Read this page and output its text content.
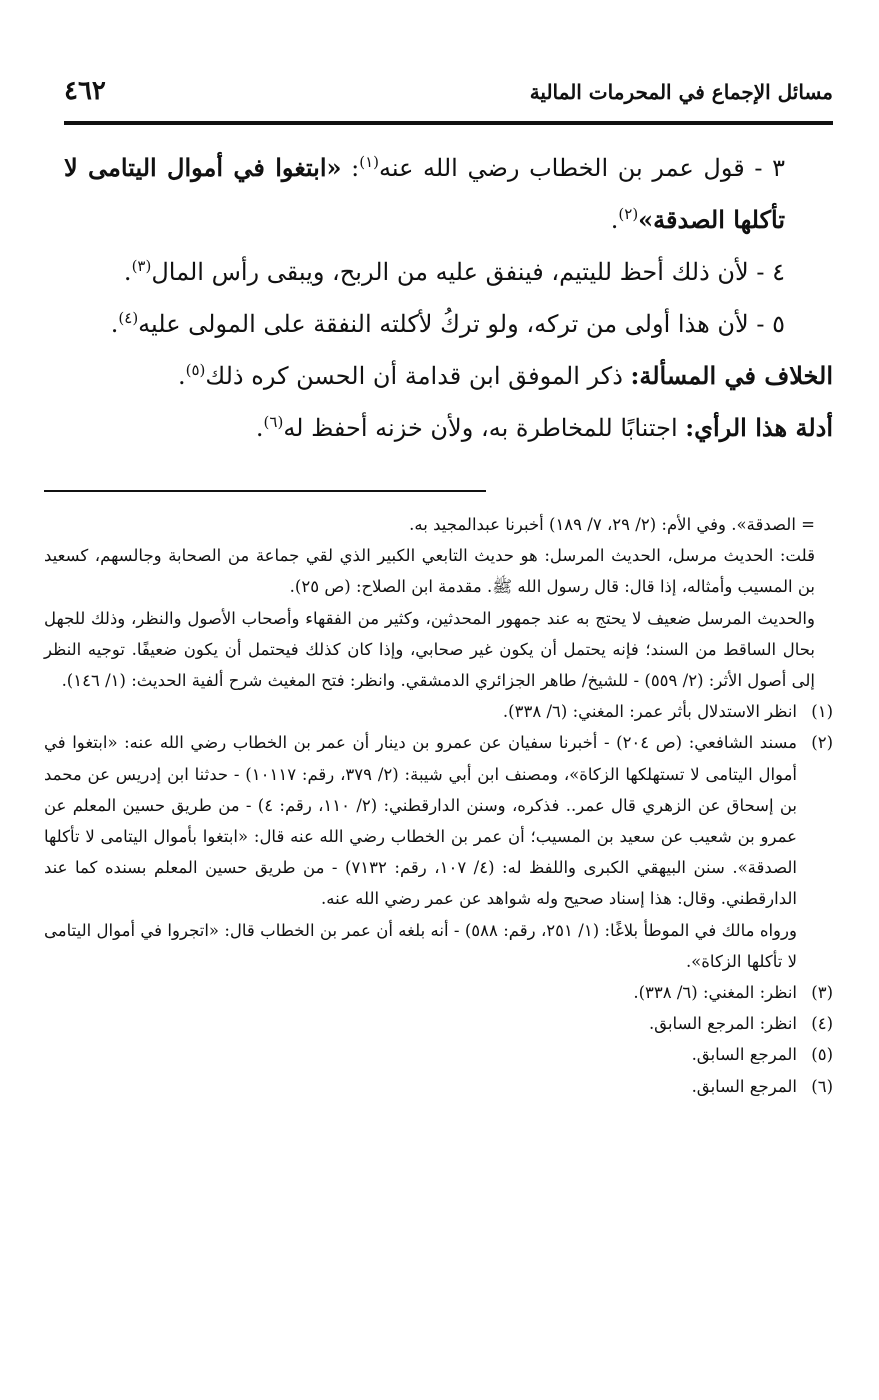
مسائل الإجماع في المحرمات المالية
٤٦٢

٣ - قول عمر بن الخطاب رضي الله عنه$^{(١)}$: «ابتغوا في أموال اليتامى لا تأكلها الصدقة»$^{(٢)}$.

٤ - لأن ذلك أحظ لليتيم، فينفق عليه من الربح، ويبقى رأس المال$^{(٣)}$.

٥ - لأن هذا أولى من تركه، ولو تركُ لأكلته النفقة على المولى عليه$^{(٤)}$.

الخلاف في المسألة: ذكر الموفق ابن قدامة أن الحسن كره ذلك$^{(٥)}$.

أدلة هذا الرأي: اجتنابًا للمخاطرة به، ولأن خزنه أحفظ له$^{(٦)}$.

= الصدقة». وفي الأم: (٢/ ٢٩، ٧/ ١٨٩) أخبرنا عبدالمجيد به.

قلت: الحديث مرسل، الحديث المرسل: هو حديث التابعي الكبير الذي لقي جماعة من الصحابة وجالسهم، كسعيد بن المسيب وأمثاله، إذا قال: قال رسول الله ﷺ. مقدمة ابن الصلاح: (ص ٢٥).

والحديث المرسل ضعيف لا يحتج به عند جمهور المحدثين، وكثير من الفقهاء وأصحاب الأصول والنظر، وذلك للجهل بحال الساقط من السند؛ فإنه يحتمل أن يكون غير صحابي، وإذا كان كذلك فيحتمل أن يكون ضعيفًا. توجيه النظر إلى أصول الأثر: (٢/ ٥٥٩) - للشيخ/ طاهر الجزائري الدمشقي. وانظر: فتح المغيث شرح ألفية الحديث: (١/ ١٤٦).

(١)
انظر الاستدلال بأثر عمر: المغني: (٦/ ٣٣٨).
(٢)
مسند الشافعي: (ص ٢٠٤) - أخبرنا سفيان عن عمرو بن دينار أن عمر بن الخطاب رضي الله عنه: «ابتغوا في أموال اليتامى لا تستهلكها الزكاة»، ومصنف ابن أبي شيبة: (٢/ ٣٧٩، رقم: ١٠١١٧) - حدثنا ابن إدريس عن محمد بن إسحاق عن الزهري قال عمر.. فذكره، وسنن الدارقطني: (٢/ ١١٠، رقم: ٤) - من طريق حسين المعلم عن عمرو بن شعيب عن سعيد بن المسيب؛ أن عمر بن الخطاب رضي الله عنه قال: «ابتغوا بأموال اليتامى لا تأكلها الصدقة». سنن البيهقي الكبرى واللفظ له: (٤/ ١٠٧، رقم: ٧١٣٢) - من طريق حسين المعلم بسنده كما عند الدارقطني. وقال: هذا إسناد صحيح وله شواهد عن عمر رضي الله عنه.
ورواه مالك في الموطأ بلاغًا: (١/ ٢٥١، رقم: ٥٨٨) - أنه بلغه أن عمر بن الخطاب قال: «اتجروا في أموال اليتامى لا تأكلها الزكاة».
(٣)
انظر: المغني: (٦/ ٣٣٨).
(٤)
انظر: المرجع السابق.
(٥)
المرجع السابق.
(٦)
المرجع السابق.
